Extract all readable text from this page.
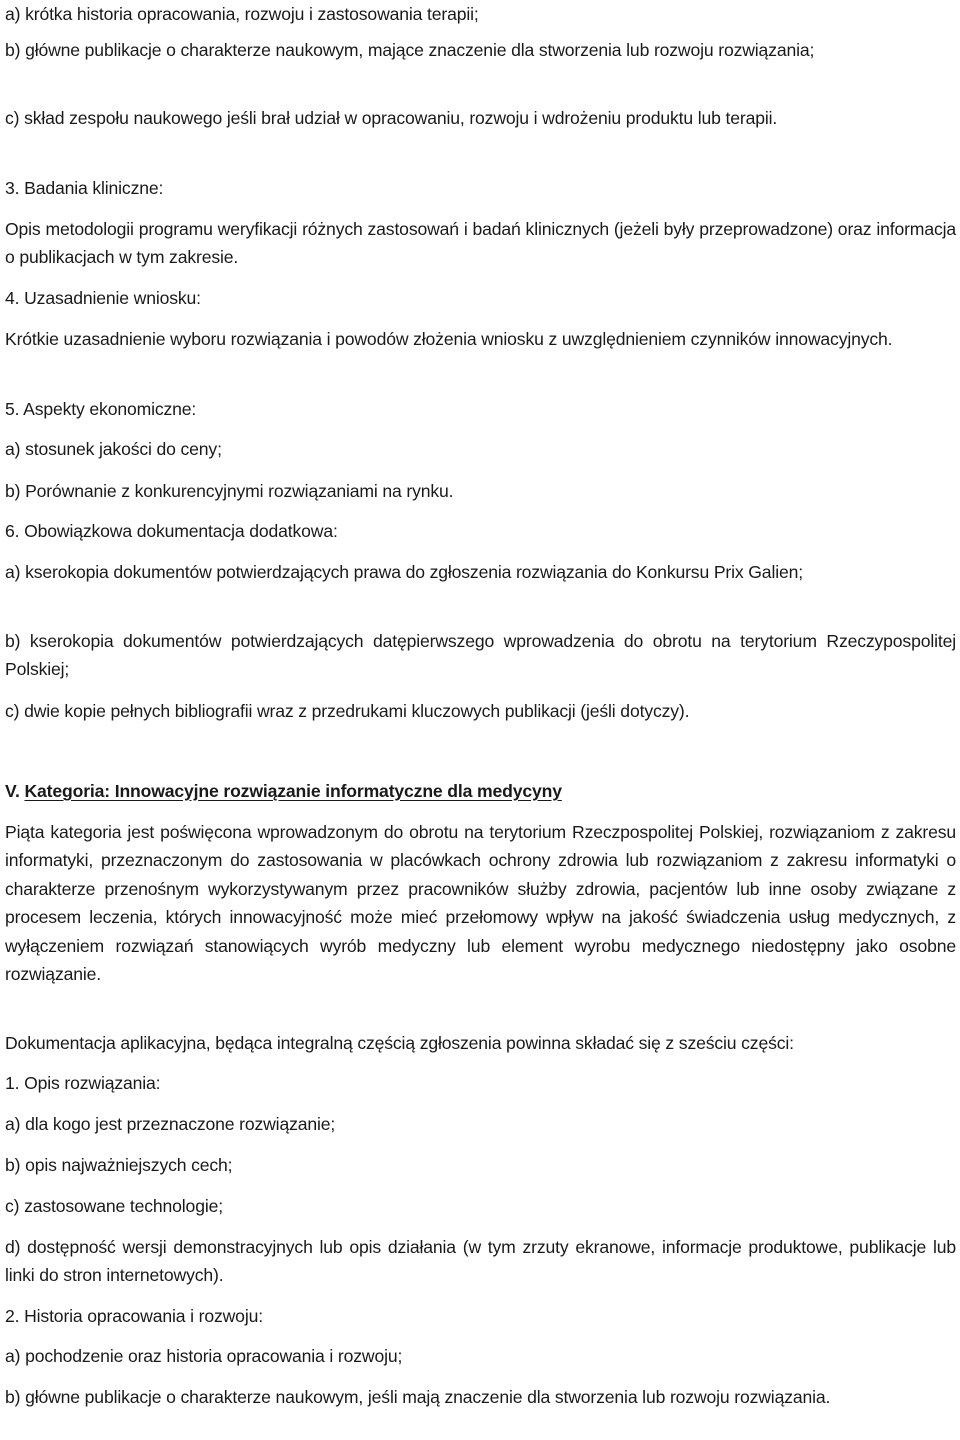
a) krótka historia opracowania, rozwoju i zastosowania terapii;

b) główne publikacje o charakterze naukowym, mające znaczenie dla stworzenia lub rozwoju rozwiązania;

c) skład zespołu naukowego jeśli brał udział w opracowaniu, rozwoju i wdrożeniu produktu lub terapii.

3. Badania kliniczne:

Opis metodologii programu weryfikacji różnych zastosowań i badań klinicznych (jeżeli były przeprowadzone) oraz informacja o publikacjach w tym zakresie.

4. Uzasadnienie wniosku:

Krótkie uzasadnienie wyboru rozwiązania i powodów złożenia wniosku z uwzględnieniem czynników innowacyjnych.

5. Aspekty ekonomiczne:

a) stosunek jakości do ceny;

b) Porównanie z konkurencyjnymi rozwiązaniami na rynku.

6. Obowiązkowa dokumentacja dodatkowa:

a) kserokopia dokumentów potwierdzających prawa do zgłoszenia rozwiązania do Konkursu Prix Galien;

b) kserokopia dokumentów potwierdzających datępierwszego wprowadzenia do obrotu na terytorium Rzeczypospolitej Polskiej;

c) dwie kopie pełnych bibliografii wraz z przedrukami kluczowych publikacji (jeśli dotyczy).

V. Kategoria: Innowacyjne rozwiązanie informatyczne dla medycyny

Piąta kategoria jest poświęcona wprowadzonym do obrotu na terytorium Rzeczpospolitej Polskiej, rozwiązaniom z zakresu informatyki, przeznaczonym do zastosowania w placówkach ochrony zdrowia lub rozwiązaniom z zakresu informatyki o charakterze przenośnym wykorzystywanym przez pracowników służby zdrowia, pacjentów lub inne osoby związane z procesem leczenia, których innowacyjność może mieć przełomowy wpływ na jakość świadczenia usług medycznych, z wyłączeniem rozwiązań stanowiących wyrób medyczny lub element wyrobu medycznego niedostępny jako osobne rozwiązanie.

Dokumentacja aplikacyjna, będąca integralną częścią zgłoszenia powinna składać się z sześciu części:

1. Opis rozwiązania:

a) dla kogo jest przeznaczone rozwiązanie;

b) opis najważniejszych cech;

c) zastosowane technologie;

d) dostępność wersji demonstracyjnych lub opis działania (w tym zrzuty ekranowe, informacje produktowe, publikacje lub linki do stron internetowych).

2. Historia opracowania i rozwoju:

a) pochodzenie oraz historia opracowania i rozwoju;

b) główne publikacje o charakterze naukowym, jeśli mają znaczenie dla stworzenia lub rozwoju rozwiązania.
